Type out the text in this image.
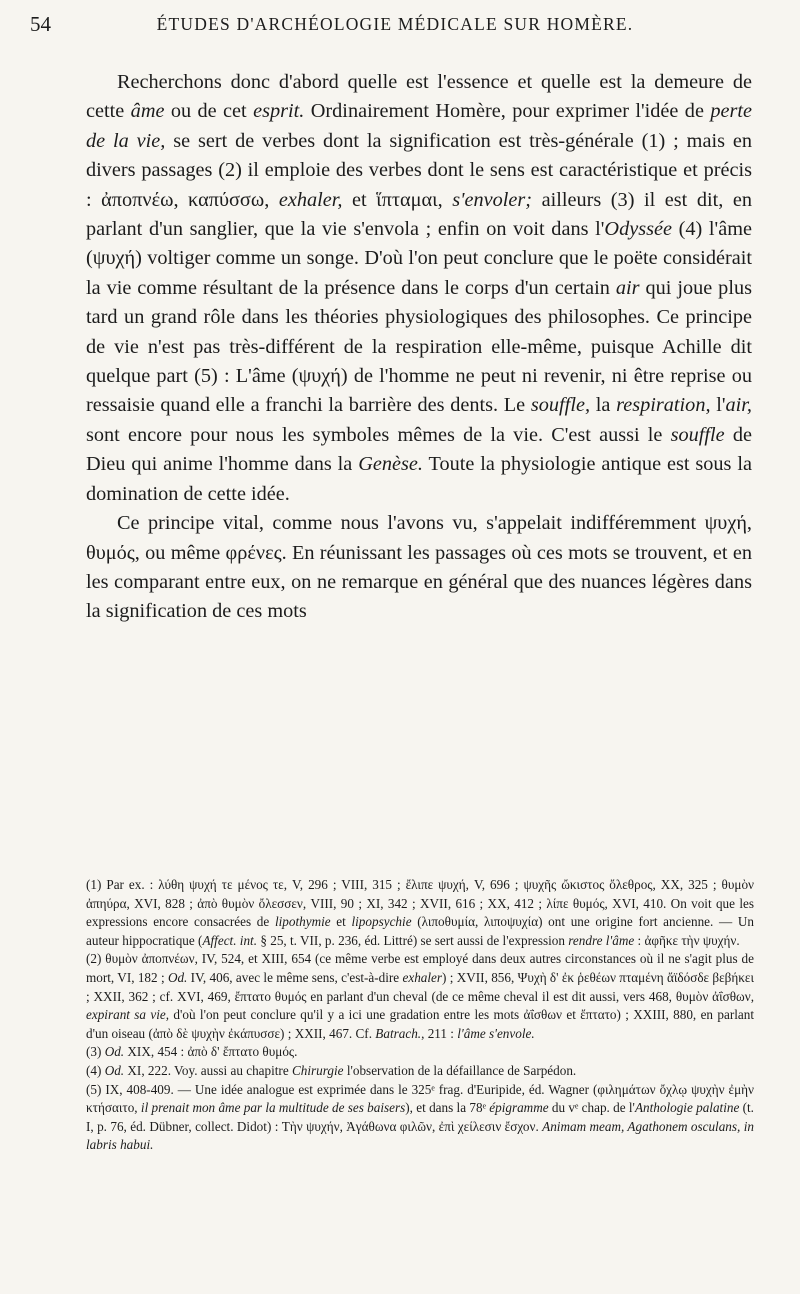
54	ÉTUDES D'ARCHÉOLOGIE MÉDICALE SUR HOMÈRE.

Recherchons donc d'abord quelle est l'essence et quelle est la demeure de cette âme ou de cet esprit. Ordinairement Homère, pour exprimer l'idée de perte de la vie, se sert de verbes dont la signification est très-générale (1) ; mais en divers passages (2) il emploie des verbes dont le sens est caractéristique et précis : ἀποπνέω, καπύσσω, exhaler, et ἵπταμαι, s'envoler; ailleurs (3) il est dit, en parlant d'un sanglier, que la vie s'envola ; enfin on voit dans l'Odyssée (4) l'âme (ψυχή) voltiger comme un songe. D'où l'on peut conclure que le poëte considérait la vie comme résultant de la présence dans le corps d'un certain air qui joue plus tard un grand rôle dans les théories physiologiques des philosophes. Ce principe de vie n'est pas très-différent de la respiration elle-même, puisque Achille dit quelque part (5) : L'âme (ψυχή) de l'homme ne peut ni revenir, ni être reprise ou ressaisie quand elle a franchi la barrière des dents. Le souffle, la respiration, l'air, sont encore pour nous les symboles mêmes de la vie. C'est aussi le souffle de Dieu qui anime l'homme dans la Genèse. Toute la physiologie antique est sous la domination de cette idée.

Ce principe vital, comme nous l'avons vu, s'appelait indifféremment ψυχή, θυμός, ou même φρένες. En réunissant les passages où ces mots se trouvent, et en les comparant entre eux, on ne remarque en général que des nuances légères dans la signification de ces mots

(1) Par ex. : λύθη ψυχή τε μένος τε, V, 296 ; VIII, 315 ; ἔλιπε ψυχή, V, 696 ; ψυχῆς ὤκιστος ὄλεθρος, XX, 325 ; θυμὸν ἀπηύρα, XVI, 828 ; ἀπὸ θυμὸν ὄλεσσεν, VIII, 90 ; XI, 342 ; XVII, 616 ; XX, 412 ; λίπε θυμός, XVI, 410. On voit que les expressions encore consacrées de lipothymie et lipopsychie (λιποθυμία, λιποψυχία) ont une origine fort ancienne. — Un auteur hippocratique (Affect. int. § 25, t. VII, p. 236, éd. Littré) se sert aussi de l'expression rendre l'âme : ἀφῆκε τὴν ψυχήν.

(2) θυμὸν ἀποπνέων, IV, 524, et XIII, 654 (ce même verbe est employé dans deux autres circonstances où il ne s'agit plus de mort, VI, 182 ; Od. IV, 406, avec le même sens, c'est-à-dire exhaler) ; XVII, 856, Ψυχὴ δ' ἐκ ῥεθέων πταμένη ἄϊδόσδε βεβήκει ; XXII, 362 ; cf. XVI, 469, ἔπτατο θυμός en parlant d'un cheval (de ce même cheval il est dit aussi, vers 468, θυμὸν ἀΐσθων, expirant sa vie, d'où l'on peut conclure qu'il y a ici une gradation entre les mots ἀΐσθων et ἔπτατο) ; XXIII, 880, en parlant d'un oiseau (ἀπὸ δὲ ψυχὴν ἐκάπυσσε) ; XXII, 467. Cf. Batrach., 211 : l'âme s'envole.

(3) Od. XIX, 454 : ἀπὸ δ' ἔπτατο θυμός.

(4) Od. XI, 222. Voy. aussi au chapitre Chirurgie l'observation de la défaillance de Sarpédon.

(5) IX, 408-409. — Une idée analogue est exprimée dans le 325ᵉ frag. d'Euripide, éd. Wagner (φιλημάτων ὄχλῳ ψυχὴν ἐμὴν κτήσαιτο, il prenait mon âme par la multitude de ses baisers), et dans la 78ᵉ épigramme du vᵉ chap. de l'Anthologie palatine (t. I, p. 76, éd. Dübner, collect. Didot) : Τὴν ψυχήν, Ἀγάθωνα φιλῶν, ἐπὶ χείλεσιν ἔσχον. Animam meam, Agathonem osculans, in labris habui.
